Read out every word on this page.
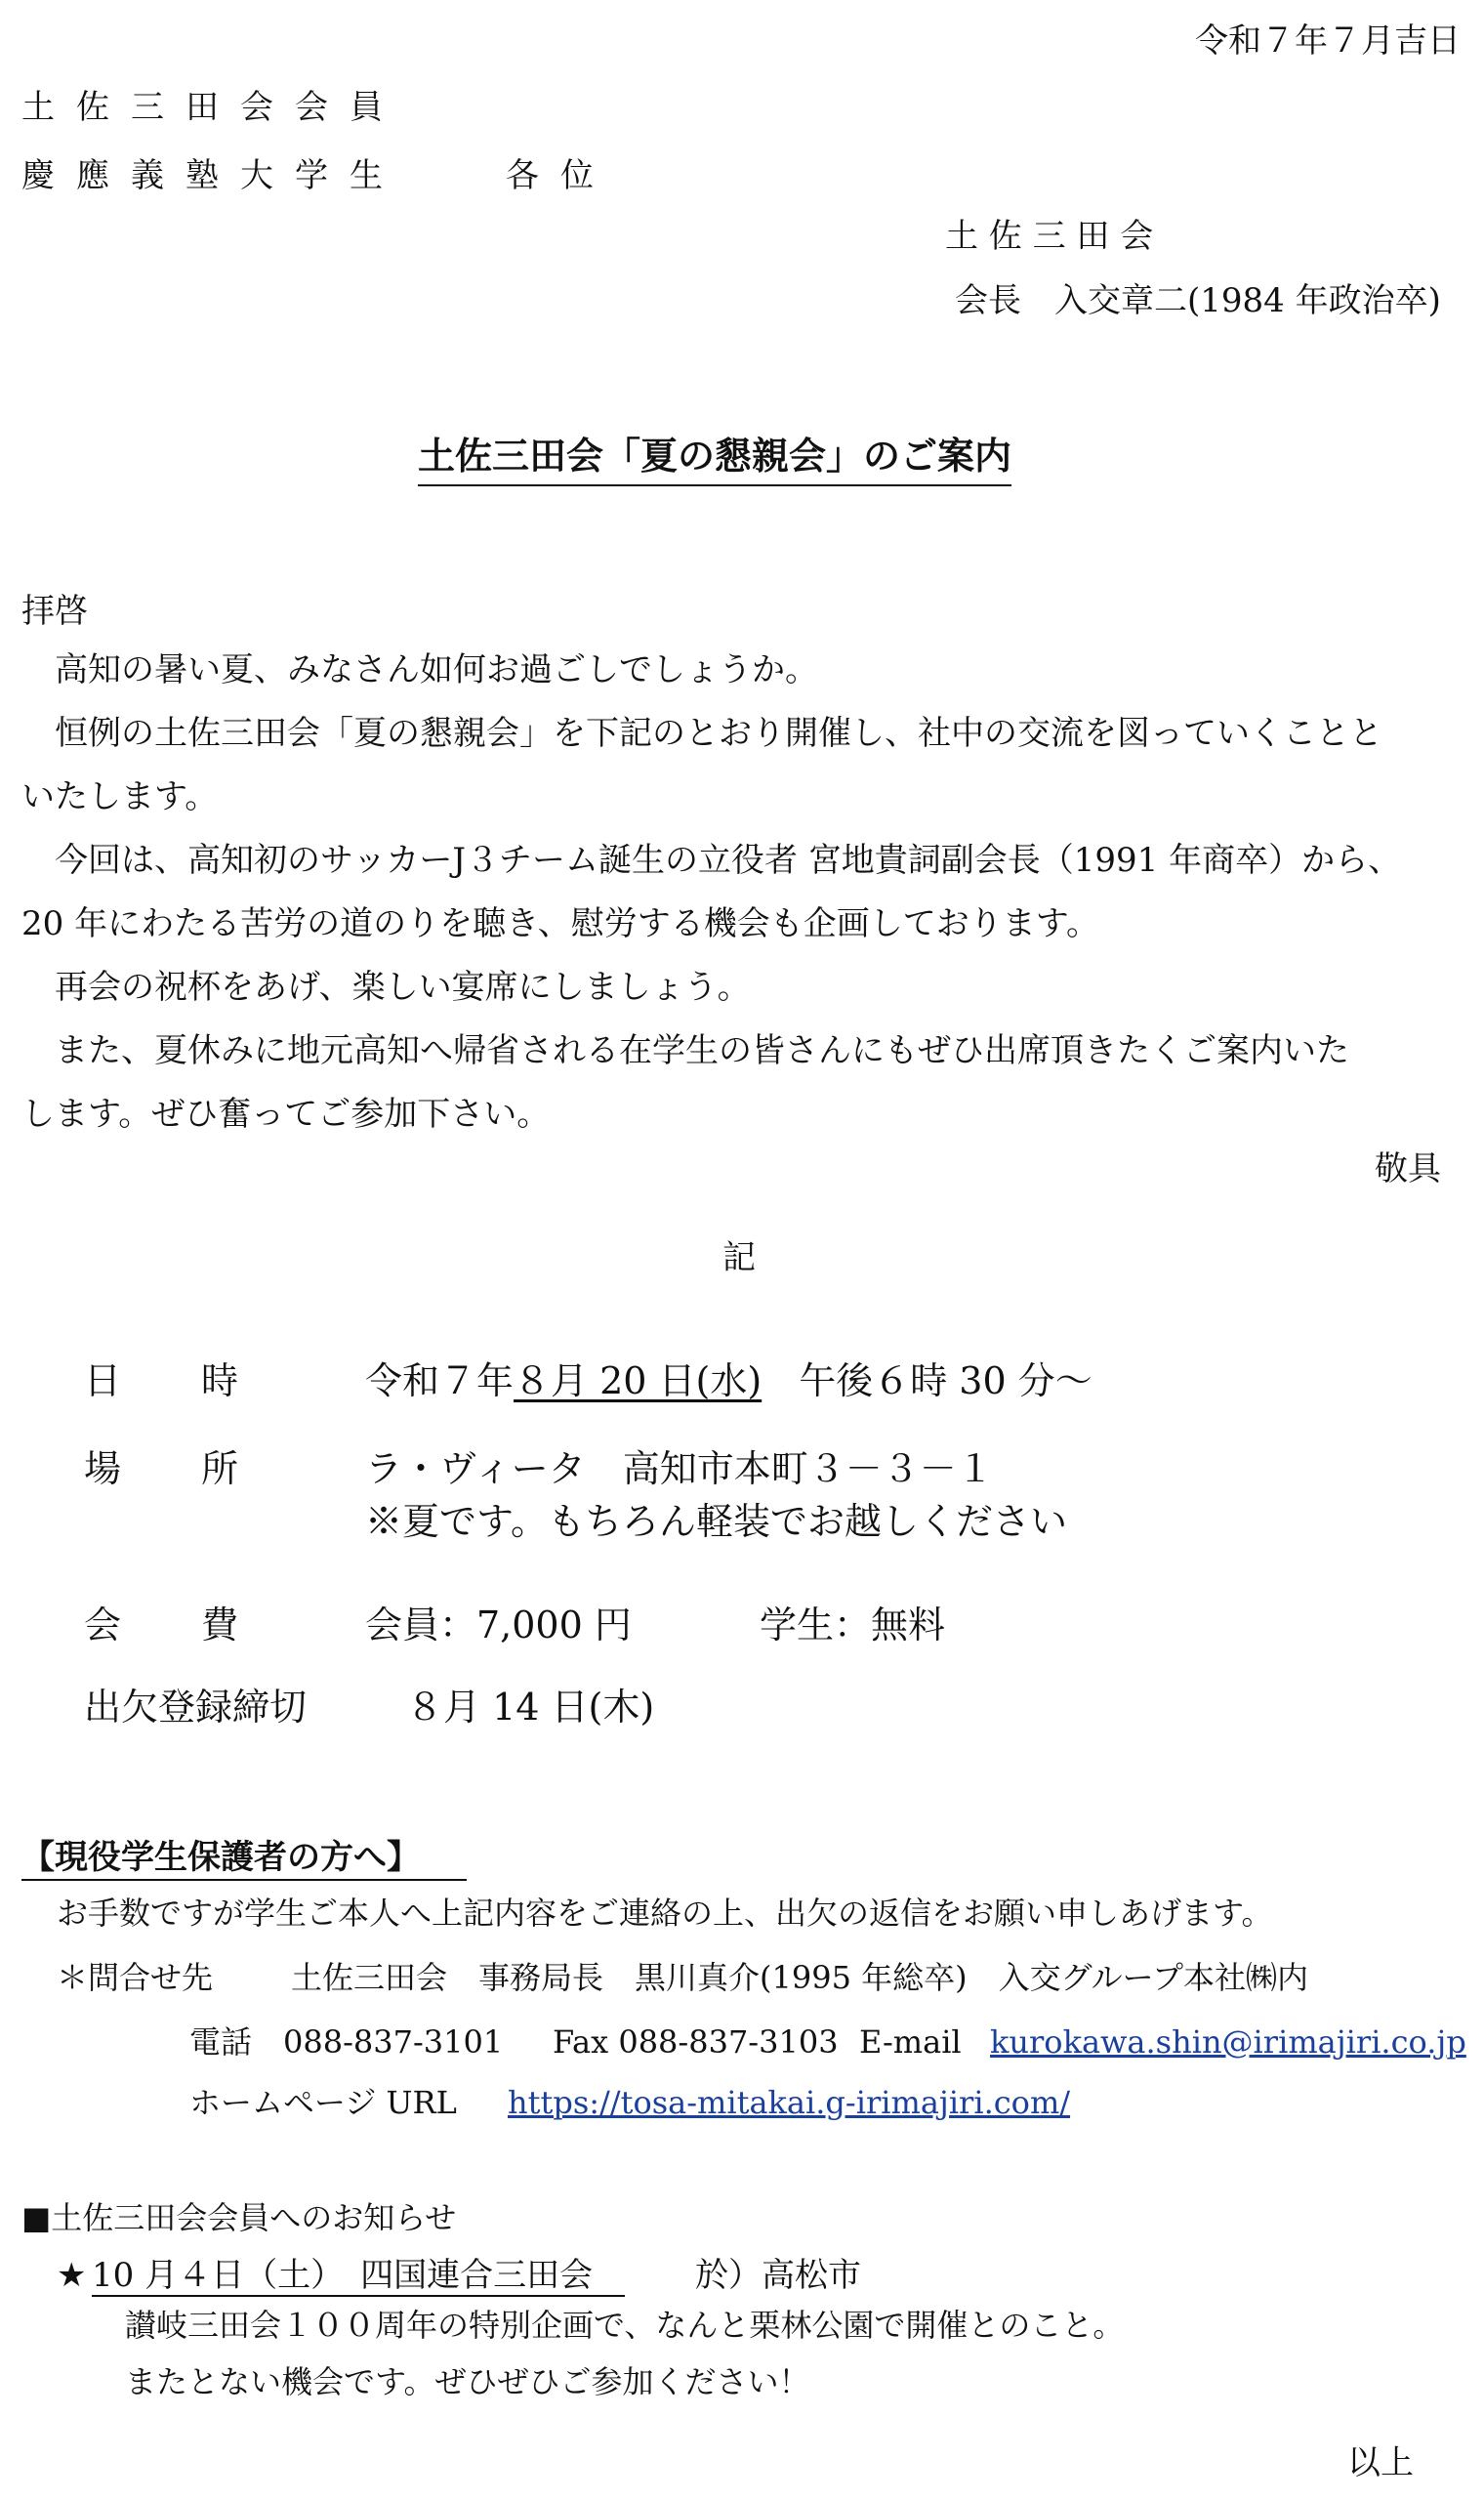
令和７年７月吉日
土佐三田会会員
慶應義塾大学生	各位
土 佐 三 田 会
会長　入交章二(1984 年政治卒)
土佐三田会「夏の懇親会」のご案内
拝啓
高知の暑い夏、みなさん如何お過ごしでしょうか。
恒例の土佐三田会「夏の懇親会」を下記のとおり開催し、社中の交流を図っていくことと
いたします。
今回は、高知初のサッカーJ３チーム誕生の立役者 宮地貴詞副会長（1991 年商卒）から、
20 年にわたる苦労の道のりを聴き、慰労する機会も企画しております。
再会の祝杯をあげ、楽しい宴席にしましょう。
また、夏休みに地元高知へ帰省される在学生の皆さんにもぜひ出席頂きたくご案内いた
します。ぜひ奮ってご参加下さい。
敬具
記
日 時	令和７年８月 20 日(水)　 午後６時 30 分～
場 所	ラ・ヴィータ　高知市本町３－３－１
※夏です。もちろん軽装でお越しください
会 費	会員：7,000 円	学生：無料
出欠登録締切	８月 14 日(木)
【現役学生保護者の方へ】
お手数ですが学生ご本人へ上記内容をご連絡の上、出欠の返信をお願い申しあげます。
＊問合せ先 土佐三田会　事務局長　黒川真介(1995 年総卒)　入交グループ本社㈱内
電話　088-837-3101 Fax 088-837-3103 E-mail kurokawa.shin@irimajiri.co.jp
ホームページ URL https://tosa-mitakai.g-irimajiri.com/
■土佐三田会会員へのお知らせ
★ 10 月４日（土）　四国連合三田会	於）高松市
讃岐三田会１００周年の特別企画で、なんと栗林公園で開催とのこと。
またとない機会です。ぜひぜひご参加ください！
以上
